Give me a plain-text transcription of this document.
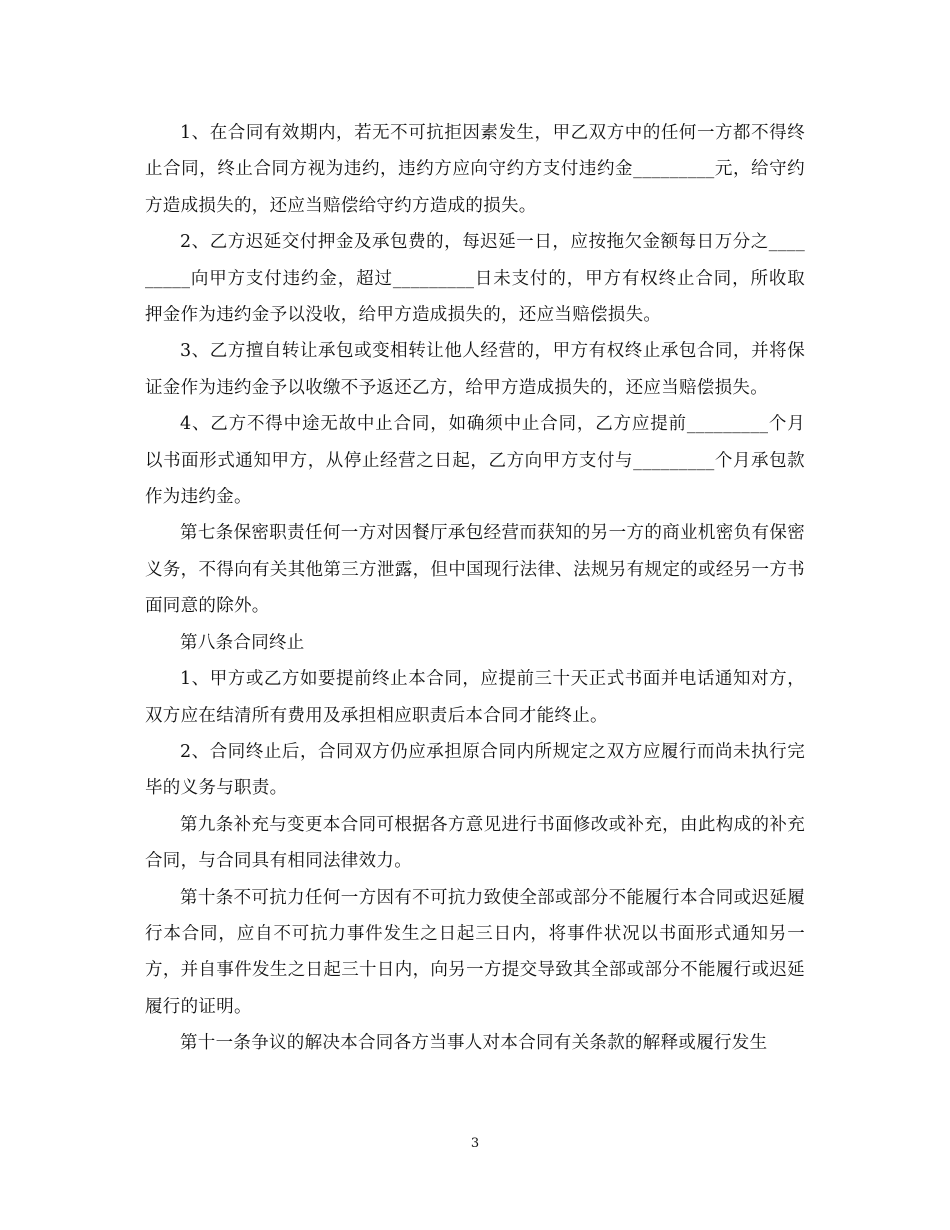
1、在合同有效期内，若无不可抗拒因素发生，甲乙双方中的任何一方都不得终止合同，终止合同方视为违约，违约方应向守约方支付违约金_________元，给守约方造成损失的，还应当赔偿给守约方造成的损失。

2、乙方迟延交付押金及承包费的，每迟延一日，应按拖欠金额每日万分之_________向甲方支付违约金，超过_________日未支付的，甲方有权终止合同，所收取押金作为违约金予以没收，给甲方造成损失的，还应当赔偿损失。

3、乙方擅自转让承包或变相转让他人经营的，甲方有权终止承包合同，并将保证金作为违约金予以收缴不予返还乙方，给甲方造成损失的，还应当赔偿损失。

4、乙方不得中途无故中止合同，如确须中止合同，乙方应提前_________个月以书面形式通知甲方，从停止经营之日起，乙方向甲方支付与_________个月承包款作为违约金。

第七条保密职责任何一方对因餐厅承包经营而获知的另一方的商业机密负有保密义务，不得向有关其他第三方泄露，但中国现行法律、法规另有规定的或经另一方书面同意的除外。

第八条合同终止

1、甲方或乙方如要提前终止本合同，应提前三十天正式书面并电话通知对方，双方应在结清所有费用及承担相应职责后本合同才能终止。

2、合同终止后，合同双方仍应承担原合同内所规定之双方应履行而尚未执行完毕的义务与职责。

第九条补充与变更本合同可根据各方意见进行书面修改或补充，由此构成的补充合同，与合同具有相同法律效力。

第十条不可抗力任何一方因有不可抗力致使全部或部分不能履行本合同或迟延履行本合同，应自不可抗力事件发生之日起三日内，将事件状况以书面形式通知另一方，并自事件发生之日起三十日内，向另一方提交导致其全部或部分不能履行或迟延履行的证明。

第十一条争议的解决本合同各方当事人对本合同有关条款的解释或履行发生

3
